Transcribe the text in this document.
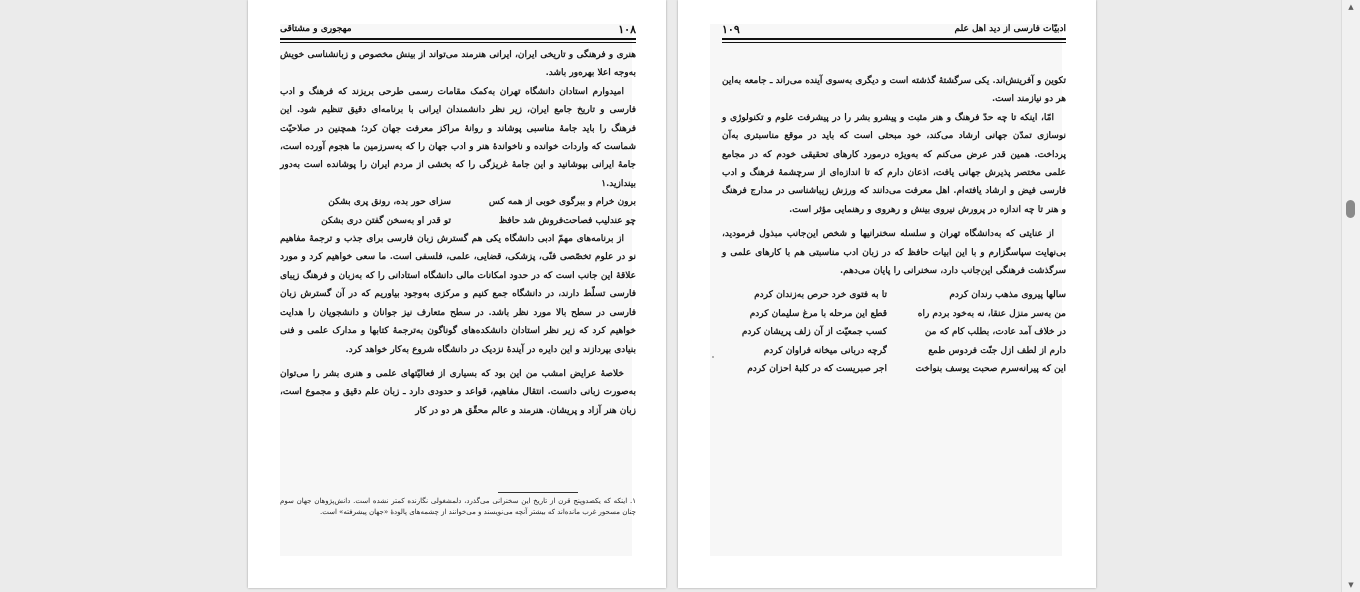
۱۰۸
مهجوری و مشتاقی

هنری و فرهنگی و تاریخی ایران، ایرانی هنرمند می‌تواند از بینش مخصوص و زبانشناسی خویش به‌وجه اعلا بهره‌ور باشد.

امیدوارم استادان دانشگاه تهران به‌کمک مقامات رسمی طرحی بریزند که فرهنگ و ادب فارسی و تاریخ جامع ایران، زیر نظر دانشمندان ایرانی با برنامه‌ای دقیق تنظیم شود. این فرهنگ را باید جامهٔ مناسبی پوشاند و روانهٔ مراکز معرفت جهان کرد؛ همچنین در صلاحیّت شماست که واردات خوانده و ناخواندهٔ هنر و ادب جهان را که به‌سرزمین ما هجوم آورده است، جامهٔ ایرانی بپوشانید و این جامهٔ غریزگی را که بخشی از مردم ایران را پوشانده است به‌دور بیندازید.۱

برون خرام و ببرگوی خوبی از همه کس
سزای حور بده، رونق پری بشکن
چو عندلیب فصاحت‌فروش شد حافظ
تو قدر او به‌سخن گفتن دری بشکن

از برنامه‌های مهمّ ادبی دانشگاه یکی هم گسترش زبان فارسی برای جذب و ترجمهٔ مفاهیم نو در علوم تخصّصی فنّی، پزشکی، قضایی، علمی، فلسفی است. ما سعی خواهیم کرد و مورد علاقهٔ این جانب است که در حدود امکانات مالی دانشگاه استادانی را که به‌زبان و فرهنگ زیبای فارسی تسلّط دارند، در دانشگاه جمع کنیم و مرکزی به‌وجود بیاوریم که در آن گسترش زبان فارسی در سطح بالا مورد نظر باشد. در سطح متعارف نیز جوانان و دانشجویان را هدایت خواهیم کرد که زیر نظر استادان دانشکده‌های گوناگون به‌ترجمهٔ کتابها و مدارک علمی و فنی بنیادی بپردازند و این دایره در آیندهٔ نزدیک در دانشگاه شروع به‌کار خواهد کرد.

خلاصهٔ عرایض امشب من این بود که بسیاری از فعالیّتهای علمی و هنری بشر را می‌توان به‌صورت زبانی دانست. انتقال مفاهیم، قواعد و حدودی دارد ـ زبان علم دقیق و مجموع است، زبان هنر آزاد و پریشان. هنرمند و عالم محقّق هر دو در کار

۱. اینکه که یکصدوپنج قرن از تاریخ این سخنرانی می‌گذرد، دلمشغولی نگارنده کمتر نشده است. دانش‌پژوهان جهان سوم چنان مسحور غرب مانده‌اند که بیشتر آنچه می‌نویسند و می‌خوانند از چشمه‌های پالودهٔ «جهان پیشرفته» است.
ادبیّات فارسی از دید اهل علم
۱۰۹

تکوین و آفرینش‌اند. یکی سرگشتهٔ گذشته است و دیگری به‌سوی آینده می‌راند ـ جامعه به‌این هر دو نیازمند است.

امّا، اینکه تا چه حدّ فرهنگ و هنر مثبت و پیشرو بشر را در پیشرفت علوم و تکنولوژی و نوسازی تمدّن جهانی ارشاد می‌کند، خود مبحثی است که باید در موقع مناسبتری به‌آن پرداخت. همین قدر عرض می‌کنم که به‌ویژه درمورد کارهای تحقیقی خودم که در مجامع علمی مختصر پذیرش جهانی یافت، اذعان دارم که تا اندازه‌ای از سرچشمهٔ فرهنگ و ادب فارسی فیض و ارشاد یافته‌ام. اهل معرفت می‌دانند که ورزش زیباشناسی در مدارج فرهنگ و هنر تا چه اندازه در پرورش نیروی بینش و رهروی و رهنمایی مؤثر است.

از عنایتی که به‌دانشگاه تهران و سلسله سخنرانیها و شخص این‌جانب مبذول فرمودید، بی‌نهایت سپاسگزارم و با این ابیات حافظ که در زبان ادب مناسبتی هم با کارهای علمی و سرگذشت فرهنگی این‌جانب دارد، سخنرانی را پایان می‌دهم.

سالها پیروی مذهب رندان کردم
تا به فتوی خرد حرص به‌زندان کردم
من به‌سر منزل عنقا، نه به‌خود بردم راه
قطع این مرحله با مرغ سلیمان کردم
در خلاف آمد عادت، بطلب کام که من
کسب جمعیّت از آن زلف پریشان کردم
دارم از لطف ازل جنّت فردوس طمع
گرچه دربانی میخانه فراوان کردم
این که پیرانه‌سرم صحبت یوسف بنواخت
اجر صبریست که در کلبهٔ احزان کردم
▲
▼
